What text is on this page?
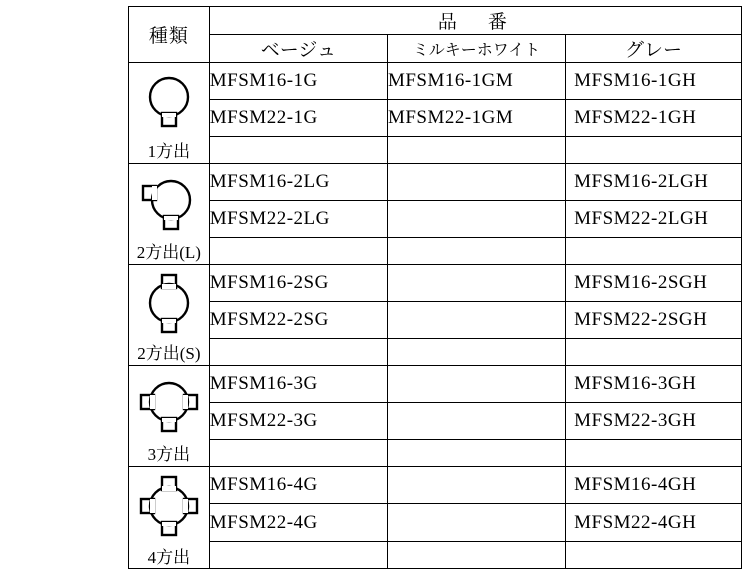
種類	品　番		
	ベージュ	ミルキーホワイト	グレー

1方出	MFSM16-1G	MFSM16-1GM	MFSM16-1GH
	MFSM22-1G	MFSM22-1GM	MFSM22-1GH

2方出(L)	MFSM16-2LG		MFSM16-2LGH
	MFSM22-2LG		MFSM22-2LGH

2方出(S)	MFSM16-2SG		MFSM16-2SGH
	MFSM22-2SG		MFSM22-2SGH

3方出	MFSM16-3G		MFSM16-3GH
	MFSM22-3G		MFSM22-3GH

4方出	MFSM16-4G		MFSM16-4GH
	MFSM22-4G		MFSM22-4GH
